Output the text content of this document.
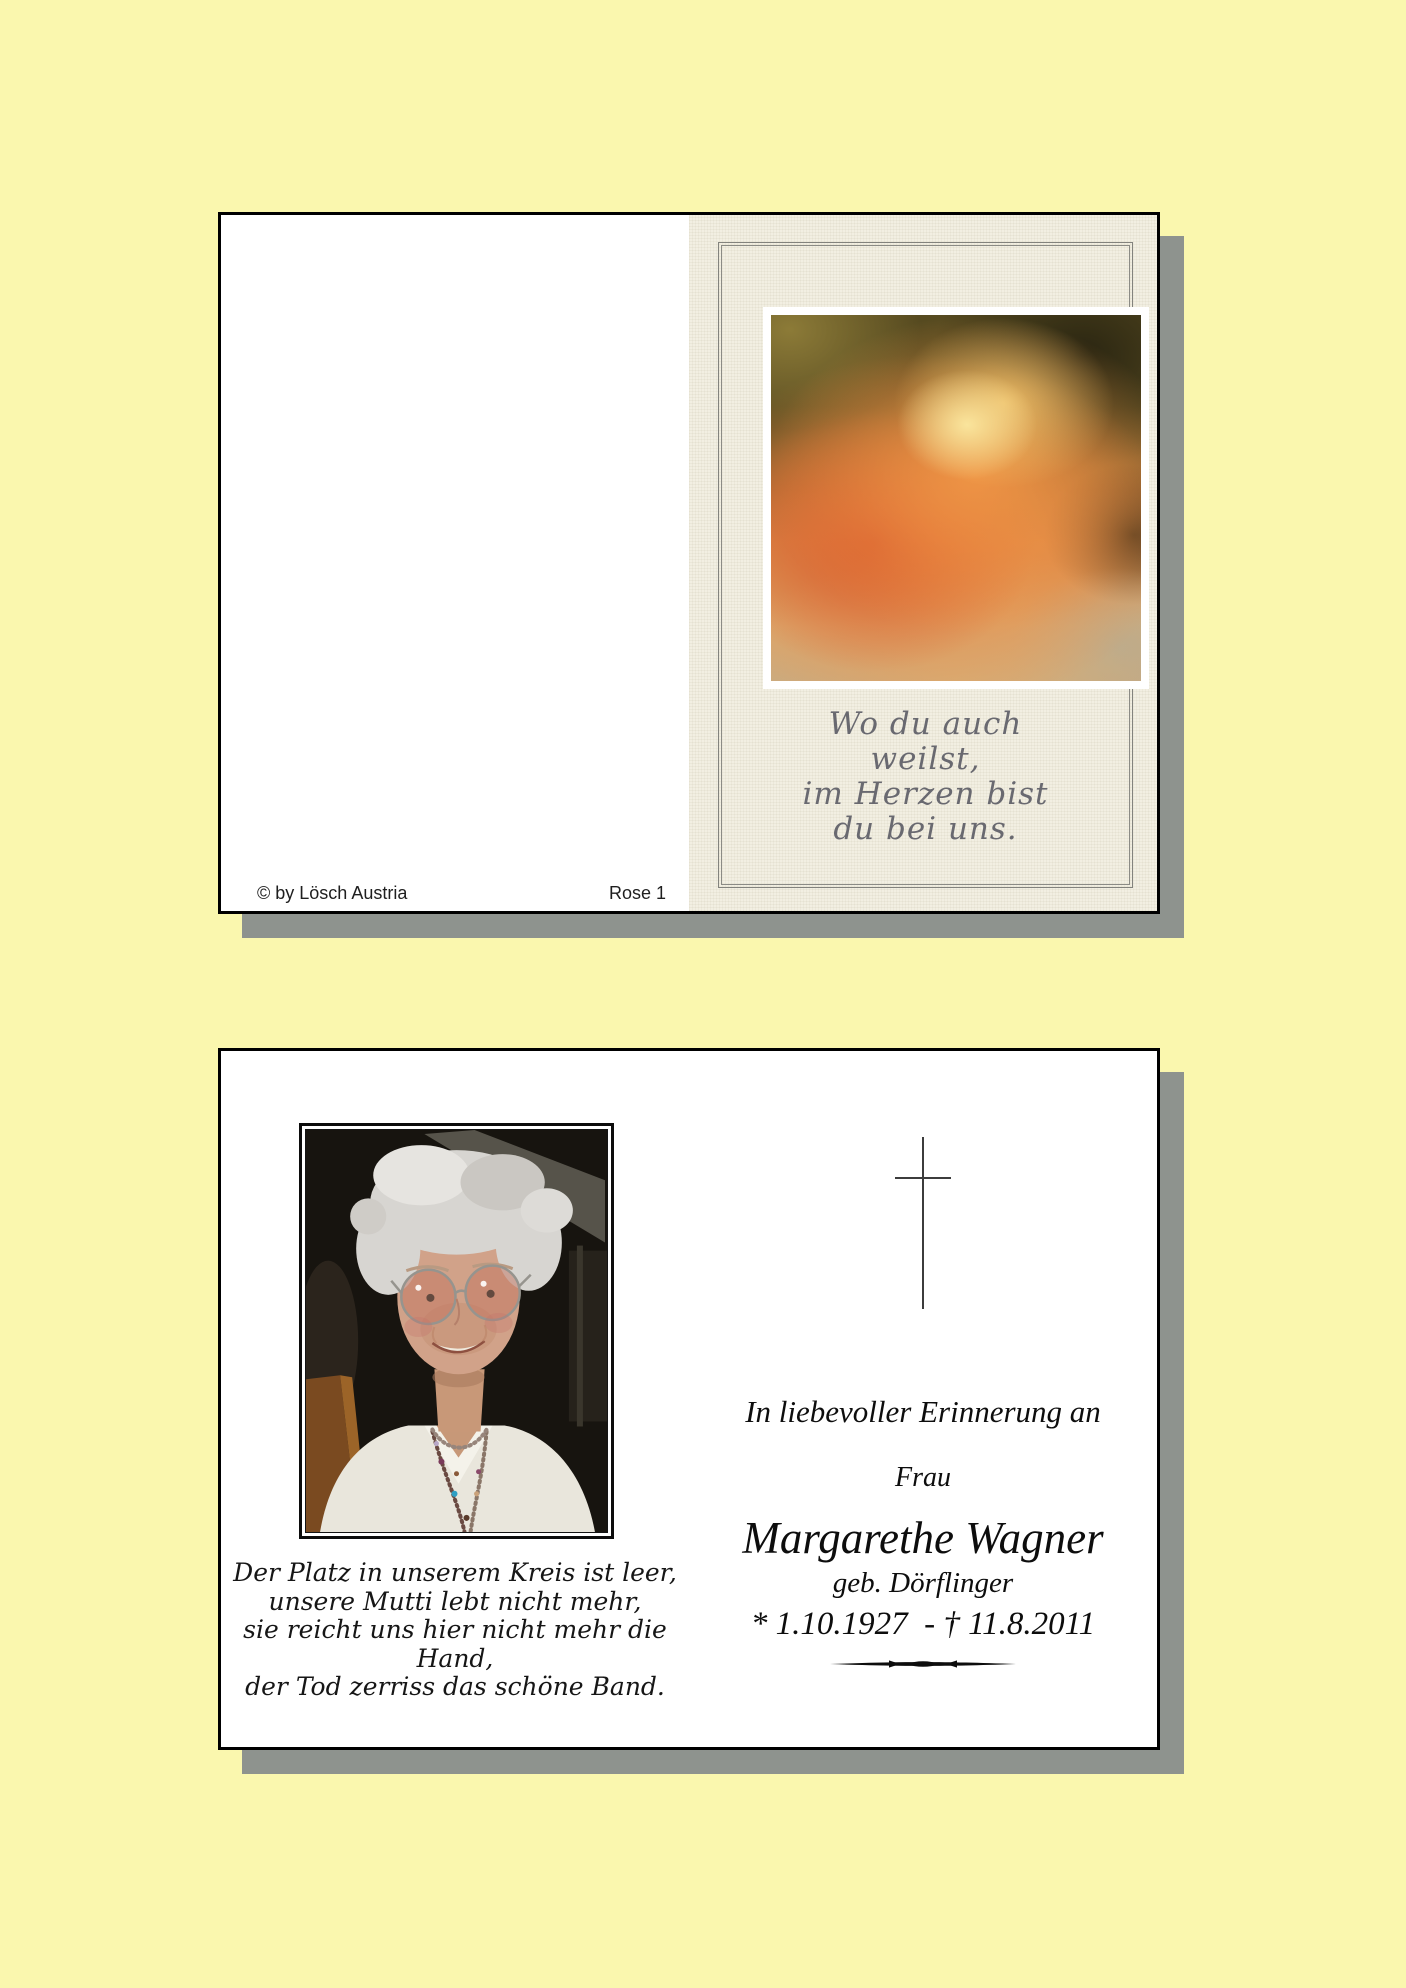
Wo du auch
weilst,
im Herzen bist
du bei uns.
© by Lösch Austria	Rose 1
Der Platz in unserem Kreis ist leer,
unsere Mutti lebt nicht mehr,
sie reicht uns hier nicht mehr die Hand,
der Tod zerriss das schöne Band.
In liebevoller Erinnerung an
Frau
Margarethe Wagner
geb. Dörflinger
* 1.10.1927  - † 11.8.2011
